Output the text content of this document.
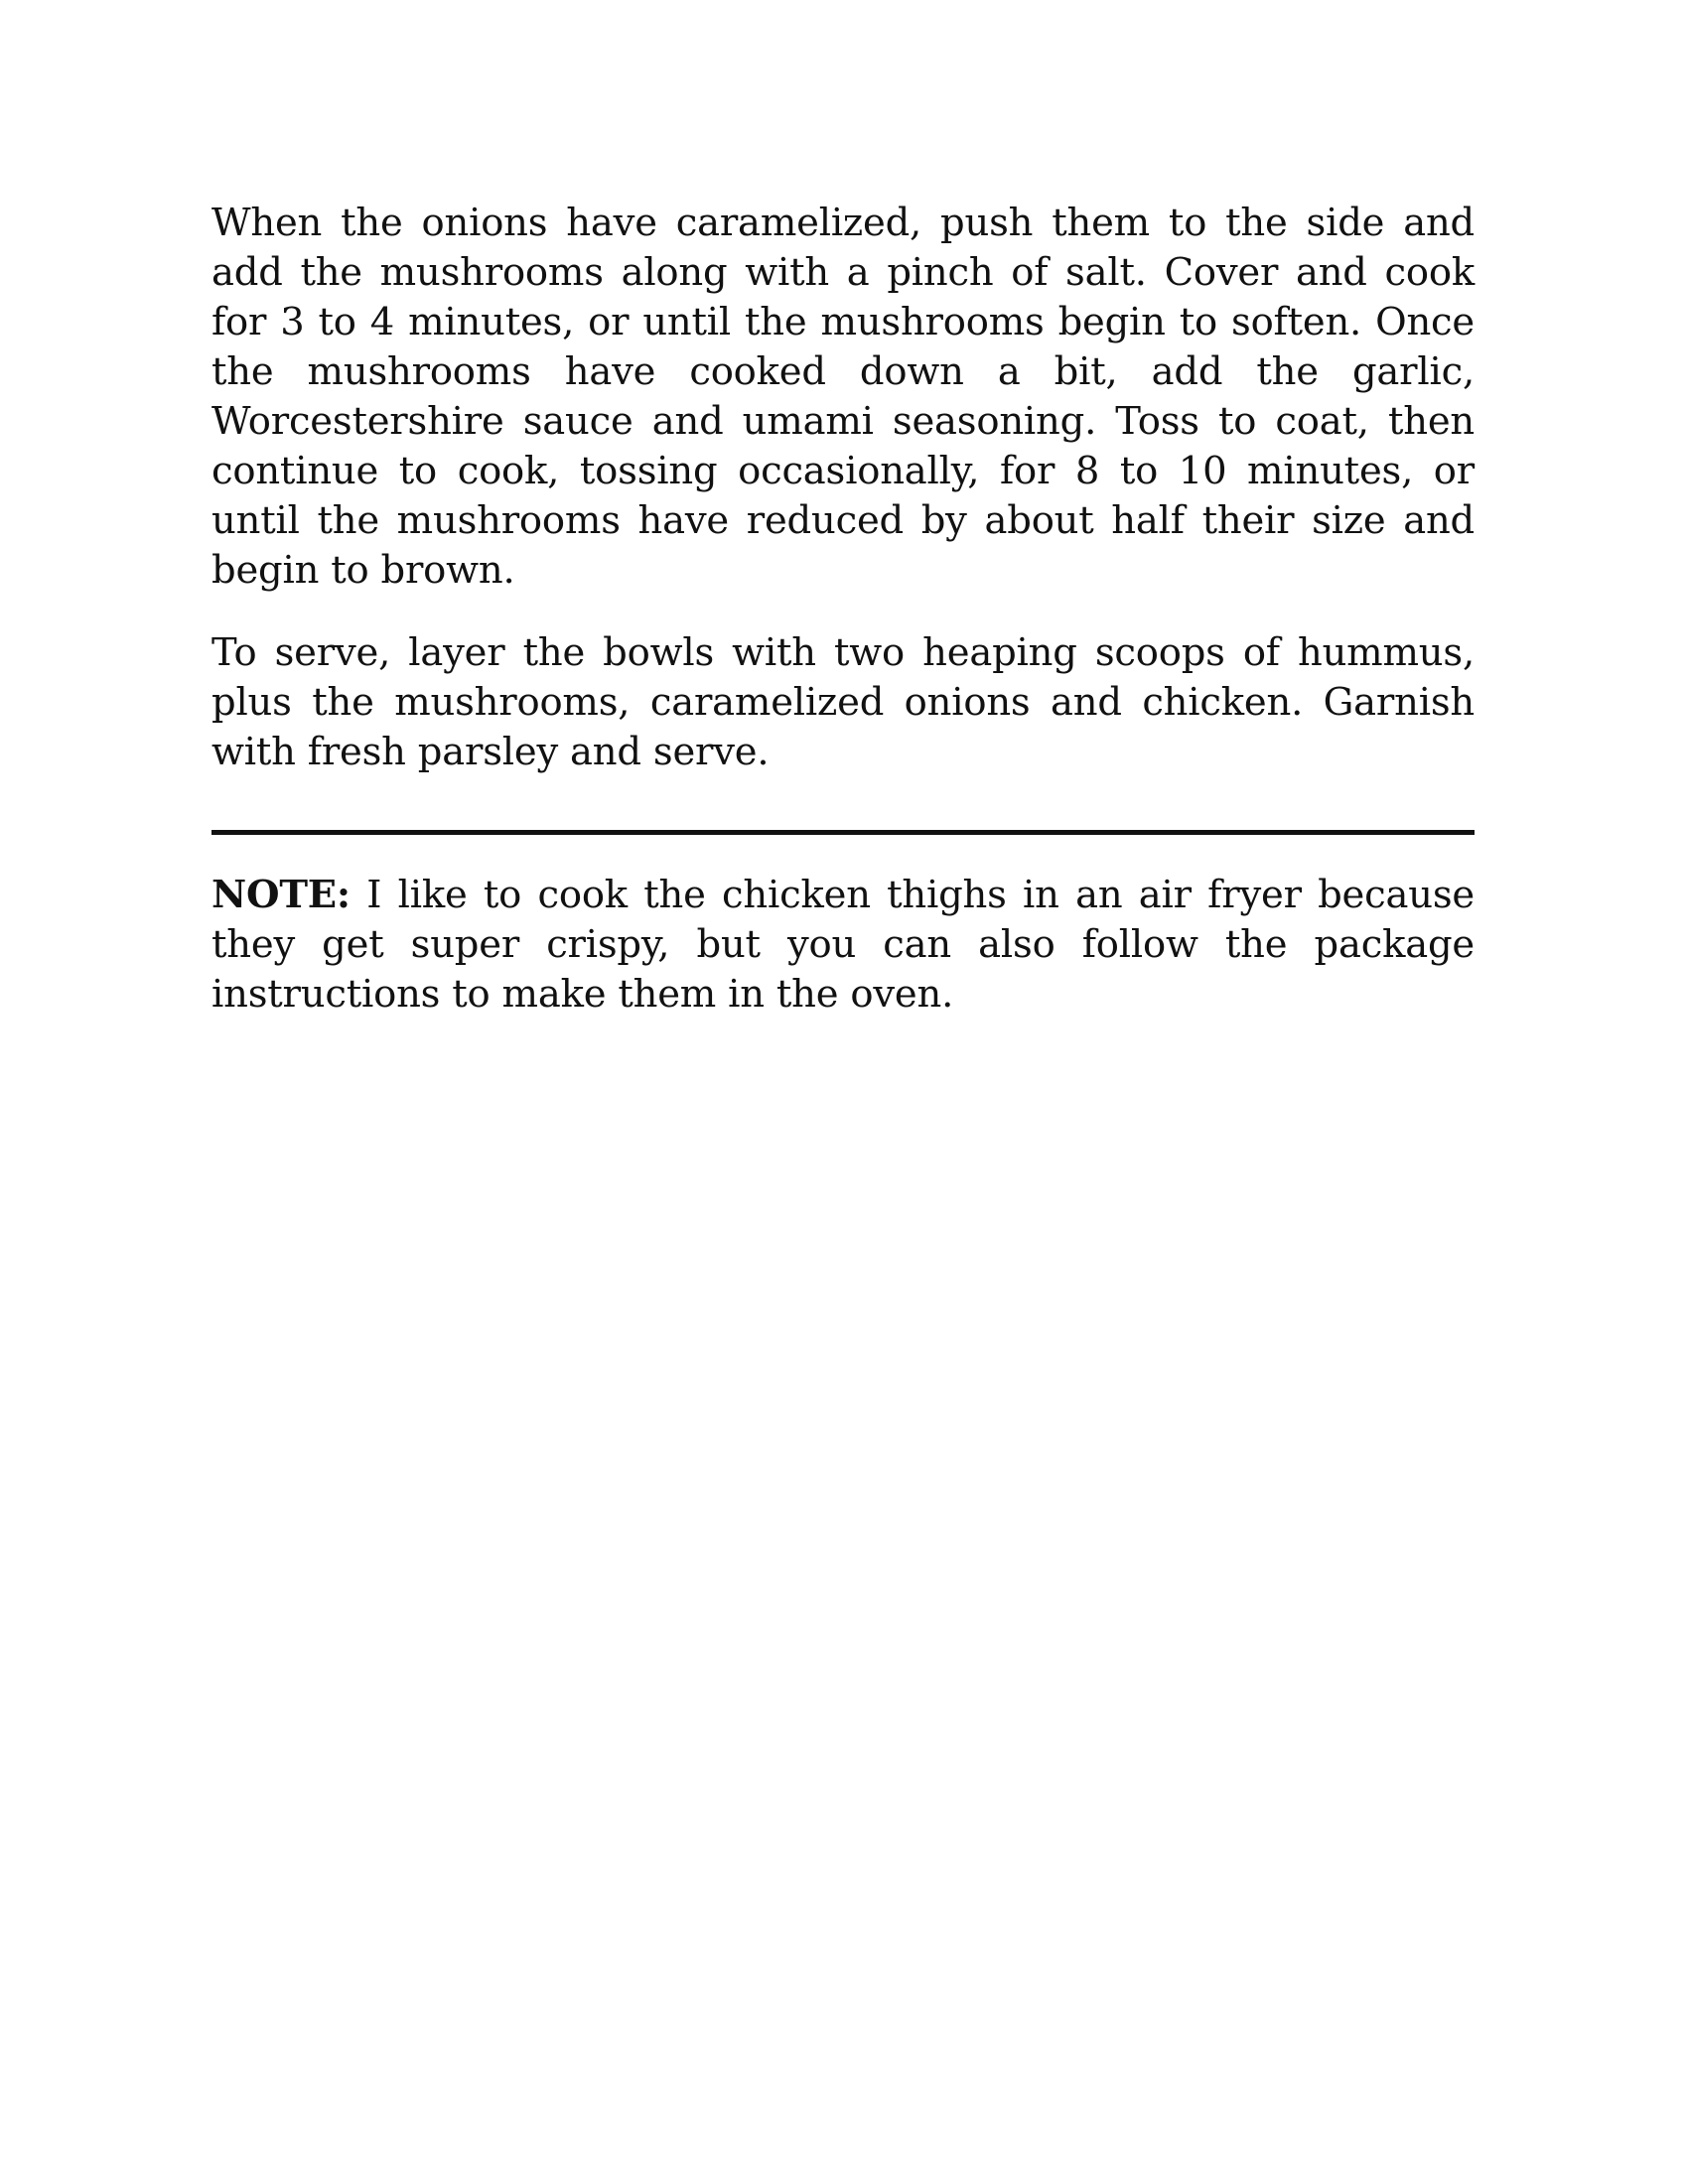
When the onions have caramelized, push them to the side and add the mushrooms along with a pinch of salt. Cover and cook for 3 to 4 minutes, or until the mushrooms begin to soften. Once the mushrooms have cooked down a bit, add the garlic, Worcestershire sauce and umami seasoning. Toss to coat, then continue to cook, tossing occasionally, for 8 to 10 minutes, or until the mushrooms have reduced by about half their size and begin to brown.

To serve, layer the bowls with two heaping scoops of hummus, plus the mushrooms, caramelized onions and chicken. Garnish with fresh parsley and serve.

NOTE: I like to cook the chicken thighs in an air fryer because they get super crispy, but you can also follow the package instructions to make them in the oven.
